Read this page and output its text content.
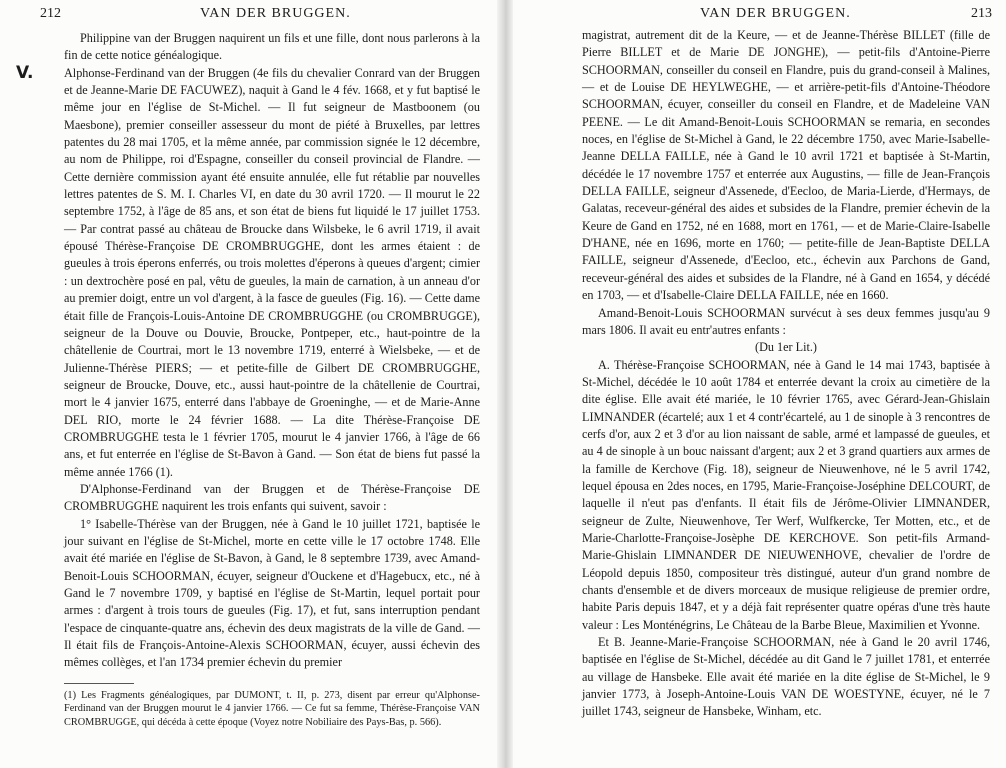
212	VAN DER BRUGGEN.

Philippine van der Bruggen naquirent un fils et une fille, dont nous parlerons à la fin de cette notice généalogique.

V.	Alphonse-Ferdinand van der Bruggen (4e fils du chevalier Conrard van der Bruggen et de Jeanne-Marie DE FACUWEZ), naquit à Gand le 4 fév. 1668, et y fut baptisé le même jour en l'église de St-Michel. — Il fut seigneur de Mastboonem (ou Maesbone), premier conseiller assesseur du mont de piété à Bruxelles, par lettres patentes du 28 mai 1705, et la même année, par commission signée le 12 décembre, au nom de Philippe, roi d'Espagne, conseiller du conseil provincial de Flandre. — Cette dernière commission ayant été ensuite annulée, elle fut rétablie par nouvelles lettres patentes de S. M. I. Charles VI, en date du 30 avril 1720. — Il mourut le 22 septembre 1752, à l'âge de 85 ans, et son état de biens fut liquidé le 17 juillet 1753. — Par contrat passé au château de Broucke dans Wilsbeke, le 6 avril 1719, il avait épousé Thérèse-Françoise DE CROMBRUGGHE, dont les armes étaient : de gueules à trois éperons enferrés, ou trois molettes d'éperons à queues d'argent; cimier : un dextrochère posé en pal, vêtu de gueules, la main de carnation, à un anneau d'or au premier doigt, entre un vol d'argent, à la fasce de gueules (Fig. 16). — Cette dame était fille de François-Louis-Antoine DE CROMBRUGGHE (ou CROMBRUGGE), seigneur de la Douve ou Douvie, Broucke, Pontpeper, etc., haut-pointre de la châtellenie de Courtrai, mort le 13 novembre 1719, enterré à Wielsbeke, — et de Julienne-Thérèse PIERS; — et petite-fille de Gilbert DE CROMBRUGGHE, seigneur de Broucke, Douve, etc., aussi haut-pointre de la châtellenie de Courtrai, mort le 4 janvier 1675, enterré dans l'abbaye de Groeninghe, — et de Marie-Anne DEL RIO, morte le 24 février 1688. — La dite Thérèse-Françoise DE CROMBRUGGHE testa le 1 février 1705, mourut le 4 janvier 1766, à l'âge de 66 ans, et fut enterrée en l'église de St-Bavon à Gand. — Son état de biens fut passé la même année 1766 (1).

D'Alphonse-Ferdinand van der Bruggen et de Thérèse-Françoise DE CROMBRUGGHE naquirent les trois enfants qui suivent, savoir :

1° Isabelle-Thérèse van der Bruggen, née à Gand le 10 juillet 1721, baptisée le jour suivant en l'église de St-Michel, morte en cette ville le 17 octobre 1748. Elle avait été mariée en l'église de St-Bavon, à Gand, le 8 septembre 1739, avec Amand-Benoit-Louis SCHOORMAN, écuyer, seigneur d'Ouckene et d'Hagebucx, etc., né à Gand le 7 novembre 1709, y baptisé en l'église de St-Martin, lequel portait pour armes : d'argent à trois tours de gueules (Fig. 17), et fut, sans interruption pendant l'espace de cinquante-quatre ans, échevin des deux magistrats de la ville de Gand. — Il était fils de François-Antoine-Alexis SCHOORMAN, écuyer, aussi échevin des mêmes collèges, et l'an 1734 premier échevin du premier

(1) Les Fragments généalogiques, par DUMONT, t. II, p. 273, disent par erreur qu'Alphonse-Ferdinand van der Bruggen mourut le 4 janvier 1766. — Ce fut sa femme, Thérèse-Françoise VAN CROMBRUGGE, qui décéda à cette époque (Voyez notre Nobiliaire des Pays-Bas, p. 566).

VAN DER BRUGGEN.	213

magistrat, autrement dit de la Keure, — et de Jeanne-Thérèse BILLET (fille de Pierre BILLET et de Marie DE JONGHE), — petit-fils d'Antoine-Pierre SCHOORMAN, conseiller du conseil en Flandre, puis du grand-conseil à Malines, — et de Louise DE HEYLWEGHE, — et arrière-petit-fils d'Antoine-Théodore SCHOORMAN, écuyer, conseiller du conseil en Flandre, et de Madeleine VAN PEENE. — Le dit Amand-Benoit-Louis SCHOORMAN se remaria, en secondes noces, en l'église de St-Michel à Gand, le 22 décembre 1750, avec Marie-Isabelle-Jeanne DELLA FAILLE, née à Gand le 10 avril 1721 et baptisée à St-Martin, décédée le 17 novembre 1757 et enterrée aux Augustins, — fille de Jean-François DELLA FAILLE, seigneur d'Assenede, d'Eecloo, de Maria-Lierde, d'Hermays, de Galatas, receveur-général des aides et subsides de la Flandre, premier échevin de la Keure de Gand en 1752, né en 1688, mort en 1761, — et de Marie-Claire-Isabelle D'HANE, née en 1696, morte en 1760; — petite-fille de Jean-Baptiste DELLA FAILLE, seigneur d'Assenede, d'Eecloo, etc., échevin aux Parchons de Gand, receveur-général des aides et subsides de la Flandre, né à Gand en 1654, y décédé en 1703, — et d'Isabelle-Claire DELLA FAILLE, née en 1660.

Amand-Benoit-Louis SCHOORMAN survécut à ses deux femmes jusqu'au 9 mars 1806. Il avait eu entr'autres enfants :

(Du 1er Lit.)

A. Thérèse-Françoise SCHOORMAN, née à Gand le 14 mai 1743, baptisée à St-Michel, décédée le 10 août 1784 et enterrée devant la croix au cimetière de la dite église. Elle avait été mariée, le 10 février 1765, avec Gérard-Jean-Ghislain LIMNANDER (écartelé; aux 1 et 4 contr'écartelé, au 1 de sinople à 3 rencontres de cerfs d'or, aux 2 et 3 d'or au lion naissant de sable, armé et lampassé de gueules, et au 4 de sinople à un bouc naissant d'argent; aux 2 et 3 grand quartiers aux armes de la famille de Kerchove (Fig. 18), seigneur de Nieuwenhove, né le 5 avril 1742, lequel épousa en 2des noces, en 1795, Marie-Françoise-Joséphine DELCOURT, de laquelle il n'eut pas d'enfants. Il était fils de Jérôme-Olivier LIMNANDER, seigneur de Zulte, Nieuwenhove, Ter Werf, Wulfkercke, Ter Motten, etc., et de Marie-Charlotte-Françoise-Josèphe DE KERCHOVE. Son petit-fils Armand-Marie-Ghislain LIMNANDER DE NIEUWENHOVE, chevalier de l'ordre de Léopold depuis 1850, compositeur très distingué, auteur d'un grand nombre de chants d'ensemble et de divers morceaux de musique religieuse de premier ordre, habite Paris depuis 1847, et y a déjà fait représenter quatre opéras d'une très haute valeur : Les Monténégrins, Le Château de la Barbe Bleue, Maximilien et Yvonne.

Et B. Jeanne-Marie-Françoise SCHOORMAN, née à Gand le 20 avril 1746, baptisée en l'église de St-Michel, décédée au dit Gand le 7 juillet 1781, et enterrée au village de Hansbeke. Elle avait été mariée en la dite église de St-Michel, le 9 janvier 1773, à Joseph-Antoine-Louis VAN DE WOESTYNE, écuyer, né le 7 juillet 1743, seigneur de Hansbeke, Winham, etc.
